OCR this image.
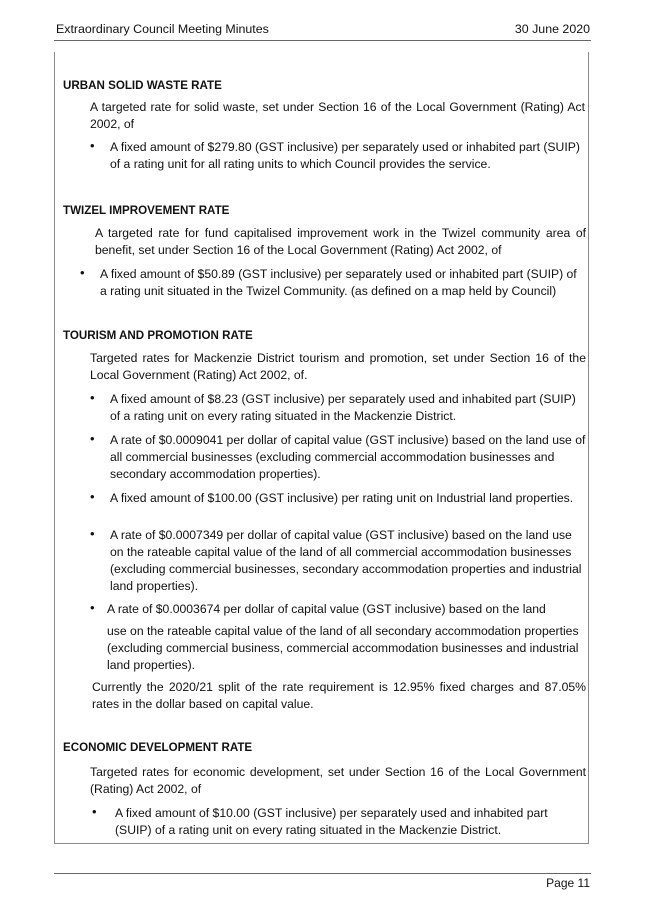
Extraordinary Council Meeting Minutes	30 June 2020
URBAN SOLID WASTE RATE
A targeted rate for solid waste, set under Section 16 of the Local Government (Rating) Act 2002, of
• A fixed amount of $279.80 (GST inclusive) per separately used or inhabited part (SUIP) of a rating unit for all rating units to which Council provides the service.
TWIZEL IMPROVEMENT RATE
A targeted rate for fund capitalised improvement work in the Twizel community area of benefit, set under Section 16 of the Local Government (Rating) Act 2002, of
• A fixed amount of $50.89 (GST inclusive) per separately used or inhabited part (SUIP) of a rating unit situated in the Twizel Community. (as defined on a map held by Council)
TOURISM AND PROMOTION RATE
Targeted rates for Mackenzie District tourism and promotion, set under Section 16 of the Local Government (Rating) Act 2002, of.
• A fixed amount of $8.23 (GST inclusive) per separately used and inhabited part (SUIP) of a rating unit on every rating situated in the Mackenzie District.
• A rate of $0.0009041 per dollar of capital value (GST inclusive) based on the land use of all commercial businesses (excluding commercial accommodation businesses and secondary accommodation properties).
• A fixed amount of $100.00 (GST inclusive) per rating unit on Industrial land properties.
• A rate of $0.0007349 per dollar of capital value (GST inclusive) based on the land use on the rateable capital value of the land of all commercial accommodation businesses (excluding commercial businesses, secondary accommodation properties and industrial land properties).
• A rate of $0.0003674 per dollar of capital value (GST inclusive) based on the land
use on the rateable capital value of the land of all secondary accommodation properties (excluding commercial business, commercial accommodation businesses and industrial land properties).
Currently the 2020/21 split of the rate requirement is 12.95% fixed charges and 87.05% rates in the dollar based on capital value.
ECONOMIC DEVELOPMENT RATE
Targeted rates for economic development, set under Section 16 of the Local Government (Rating) Act 2002, of
• A fixed amount of $10.00 (GST inclusive) per separately used and inhabited part (SUIP) of a rating unit on every rating situated in the Mackenzie District.
Page 11
